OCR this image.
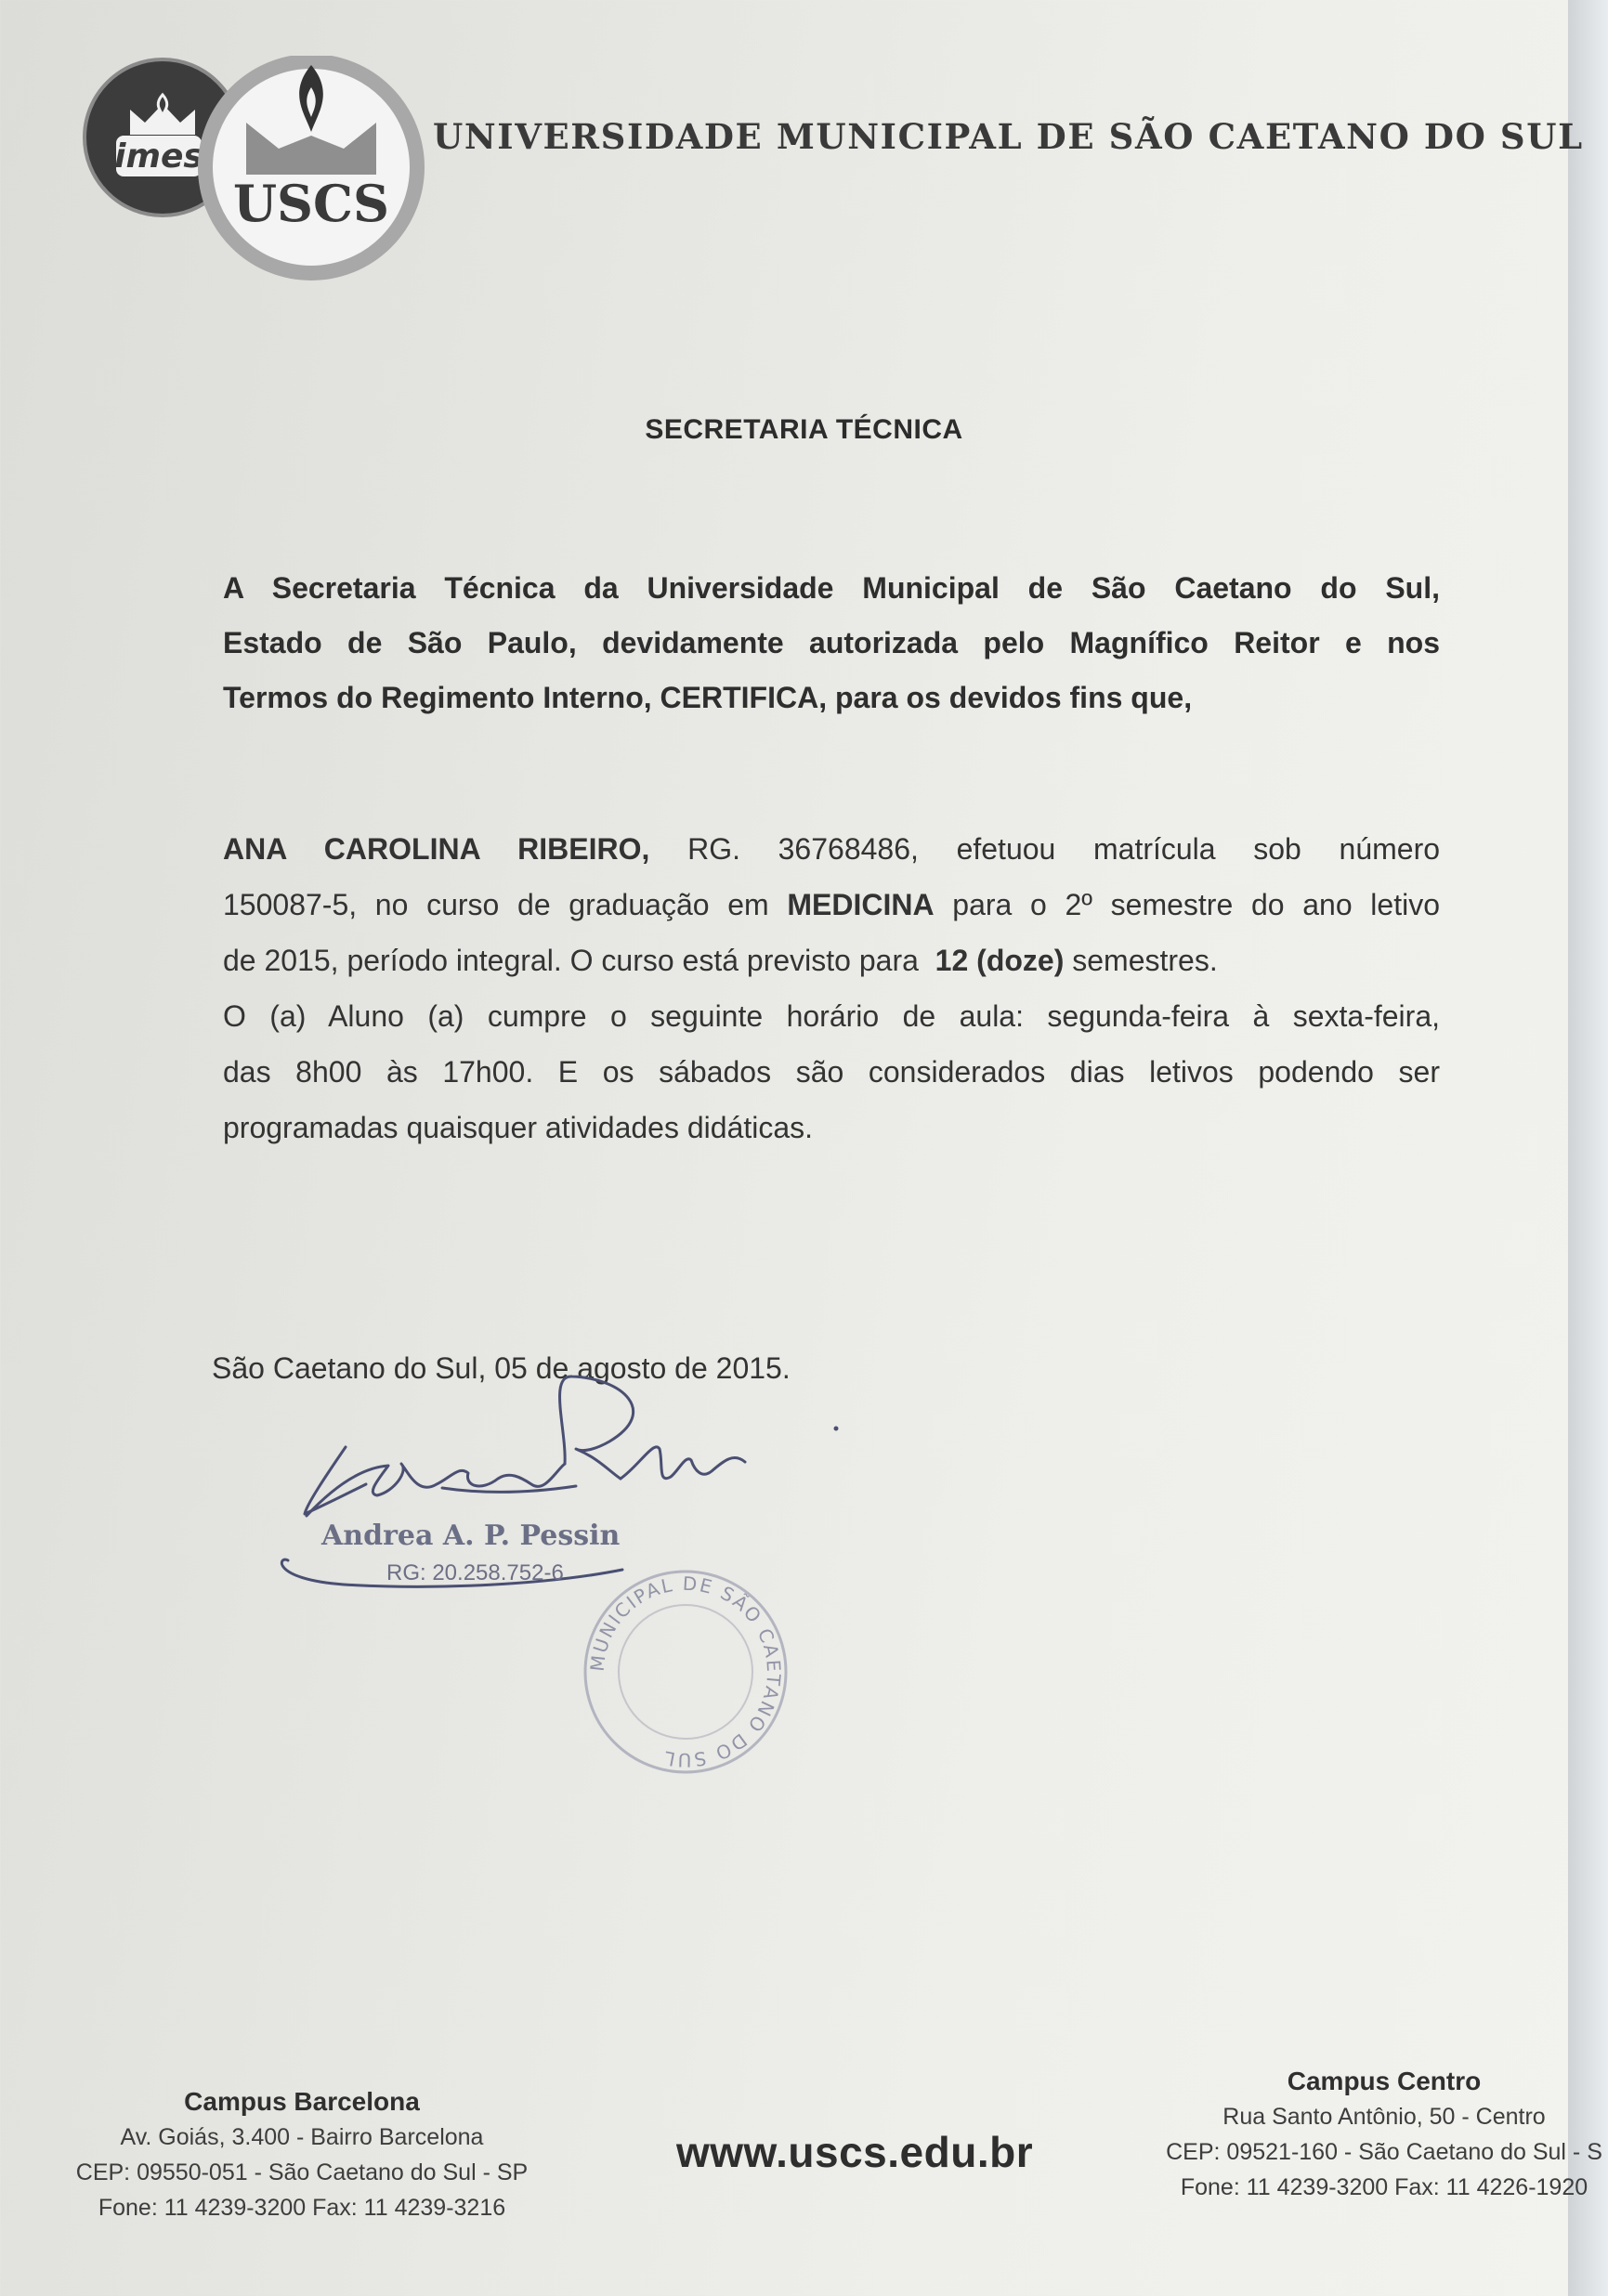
imes
USCS
UNIVERSIDADE MUNICIPAL DE SÃO CAETANO DO SUL
SECRETARIA TÉCNICA
A Secretaria Técnica da Universidade Municipal de São Caetano do Sul,
Estado de São Paulo, devidamente autorizada pelo Magnífico Reitor e nos
Termos do Regimento Interno, CERTIFICA, para os devidos fins que,
ANA CAROLINA RIBEIRO, RG. 36768486, efetuou matrícula sob número
150087-5, no curso de graduação em MEDICINA para o 2º semestre do ano letivo
de 2015, período integral. O curso está previsto para 12 (doze) semestres.
O (a) Aluno (a) cumpre o seguinte horário de aula: segunda-feira à sexta-feira,
das 8h00 às 17h00. E os sábados são considerados dias letivos podendo ser
programadas quaisquer atividades didáticas.
São Caetano do Sul, 05 de agosto de 2015.
Andrea A. P. Pessin
RG: 20.258.752-6
MUNICIPAL DE SÃO CAETANO DO SUL
Campus Barcelona
Av. Goiás, 3.400 - Bairro Barcelona
CEP: 09550-051 - São Caetano do Sul - SP
Fone: 11 4239-3200 Fax: 11 4239-3216
www.uscs.edu.br
Campus Centro
Rua Santo Antônio, 50 - Centro
CEP: 09521-160 - São Caetano do Sul - S
Fone: 11 4239-3200 Fax: 11 4226-1920
